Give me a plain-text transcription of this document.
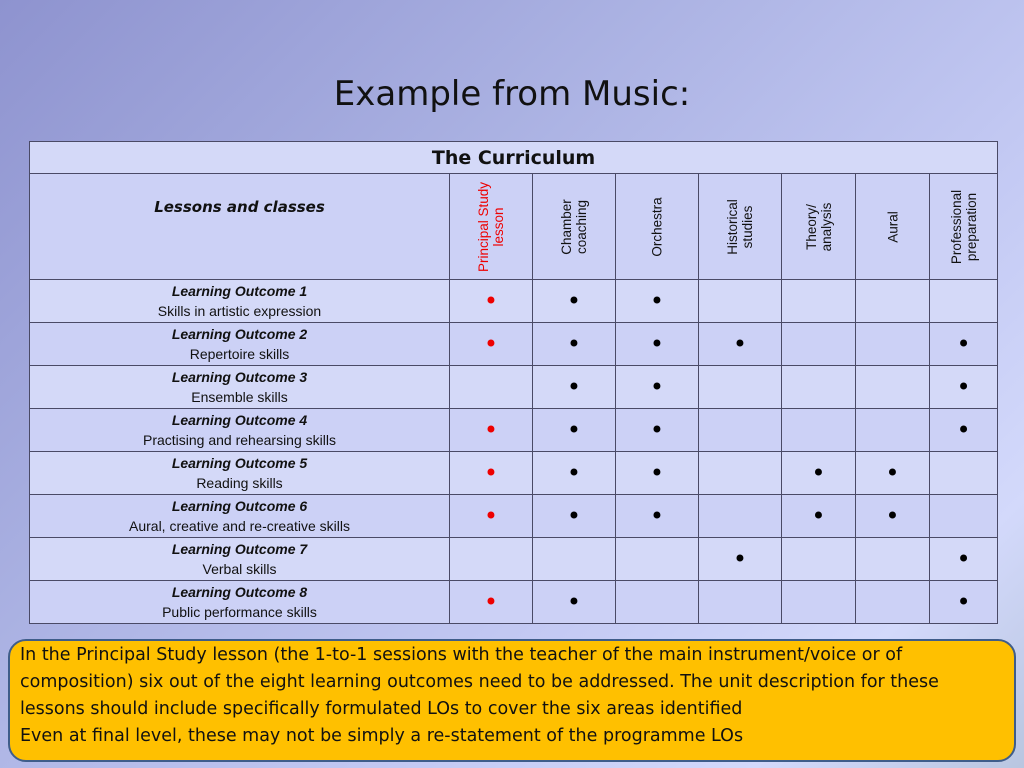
Example from Music:
The Curriculum							

Lessons and classes	Principal Study lesson	Chamber coaching	Orchestra	Historical studies	Theory/ analysis	Aural	Professional preparation

Learning Outcome 1
Skills in artistic expression	•	•	•				

Learning Outcome 2
Repertoire skills	•	•	•	•			•

Learning Outcome 3
Ensemble skills		•	•				•

Learning Outcome 4
Practising and rehearsing skills	•	•	•				•

Learning Outcome 5
Reading skills	•	•	•		•	•	

Learning Outcome 6
Aural, creative and re-creative skills	•	•	•		•	•	

Learning Outcome 7
Verbal skills				•			•

Learning Outcome 8
Public performance skills	•	•					•

In the Principal Study lesson (the 1-to-1 sessions with the teacher of the main instrument/voice or of composition) six out of the eight learning outcomes need to be addressed. The unit description for these lessons should include specifically formulated LOs to cover the six areas identified

Even at final level, these may not be simply a re-statement of the programme LOs
